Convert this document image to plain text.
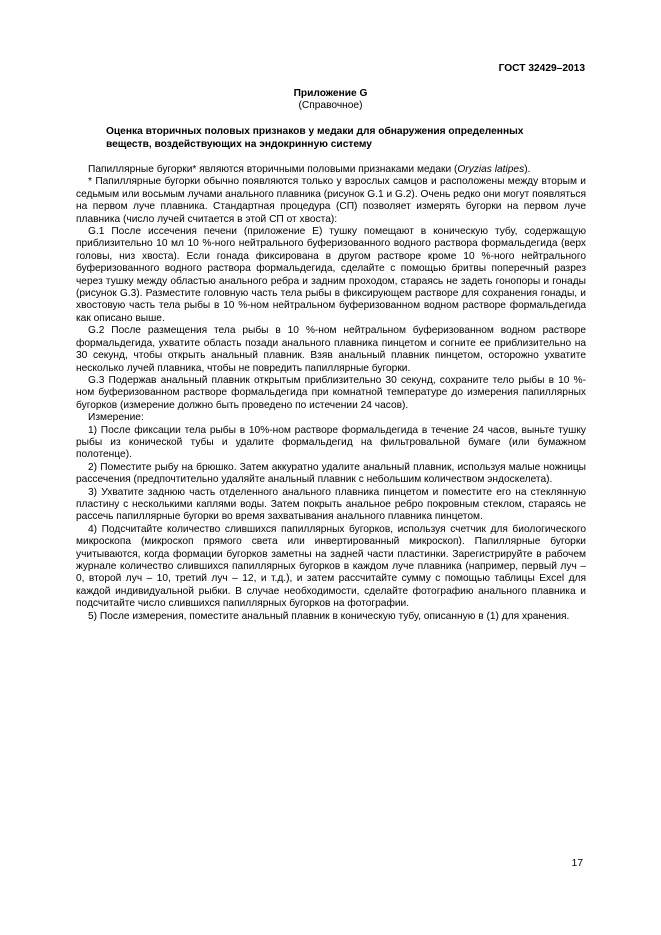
ГОСТ 32429–2013

Приложение G

(Справочное)

Оценка вторичных половых признаков у медаки для обнаружения определенных веществ, воздействующих на эндокринную систему

Папиллярные бугорки* являются вторичными половыми признаками медаки (Oryzias latipes).

* Папиллярные бугорки обычно появляются только у взрослых самцов и расположены между вторым и седьмым или восьмым лучами анального плавника (рисунок G.1 и G.2). Очень редко они могут появляться на первом луче плавника. Стандартная процедура (СП) позволяет измерять бугорки на первом луче плавника (число лучей считается в этой СП от хвоста):

G.1 После иссечения печени (приложение Е) тушку помещают в коническую тубу, содержащую приблизительно 10 мл 10 %-ного нейтрального буферизованного водного раствора формальдегида (верх головы, низ хвоста). Если гонада фиксирована в другом растворе кроме 10 %-ного нейтрального буферизованного водного раствора формальдегида, сделайте с помощью бритвы поперечный разрез через тушку между областью анального ребра и задним проходом, стараясь не задеть гонопоры и гонады (рисунок G.3). Разместите головную часть тела рыбы в фиксирующем растворе для сохранения гонады, и хвостовую часть тела рыбы в 10 %-ном нейтральном буферизованном водном растворе формальдегида как описано выше.

G.2 После размещения тела рыбы в 10 %-ном нейтральном буферизованном водном растворе формальдегида, ухватите область позади анального плавника пинцетом и согните ее приблизительно на 30 секунд, чтобы открыть анальный плавник. Взяв анальный плавник пинцетом, осторожно ухватите несколько лучей плавника, чтобы не повредить папиллярные бугорки.

G.3 Подержав анальный плавник открытым приблизительно 30 секунд, сохраните тело рыбы в 10 %-ном буферизованном растворе формальдегида при комнатной температуре до измерения папиллярных бугорков (измерение должно быть проведено по истечении 24 часов).

Измерение:

1) После фиксации тела рыбы в 10%-ном растворе формальдегида в течение 24 часов, выньте тушку рыбы из конической тубы и удалите формальдегид на фильтровальной бумаге (или бумажном полотенце).

2) Поместите рыбу на брюшко. Затем аккуратно удалите анальный плавник, используя малые ножницы рассечения (предпочтительно удаляйте анальный плавник с небольшим количеством эндоскелета).

3) Ухватите заднюю часть отделенного анального плавника пинцетом и поместите его на стеклянную пластину с несколькими каплями воды. Затем покрыть анальное ребро покровным стеклом, стараясь не рассечь папиллярные бугорки во время захватывания анального плавника пинцетом.

4) Подсчитайте количество слившихся папиллярных бугорков, используя счетчик для биологического микроскопа (микроскоп прямого света или инвертированный микроскоп). Папиллярные бугорки учитываются, когда формации бугорков заметны на задней части пластинки. Зарегистрируйте в рабочем журнале количество слившихся папиллярных бугорков в каждом луче плавника (например, первый луч – 0, второй луч – 10, третий луч – 12, и т.д.), и затем рассчитайте сумму с помощью таблицы Excel для каждой индивидуальной рыбки. В случае необходимости, сделайте фотографию анального плавника и подсчитайте число слившихся папиллярных бугорков на фотографии.

5) После измерения, поместите анальный плавник в коническую тубу, описанную в (1) для хранения.

17
